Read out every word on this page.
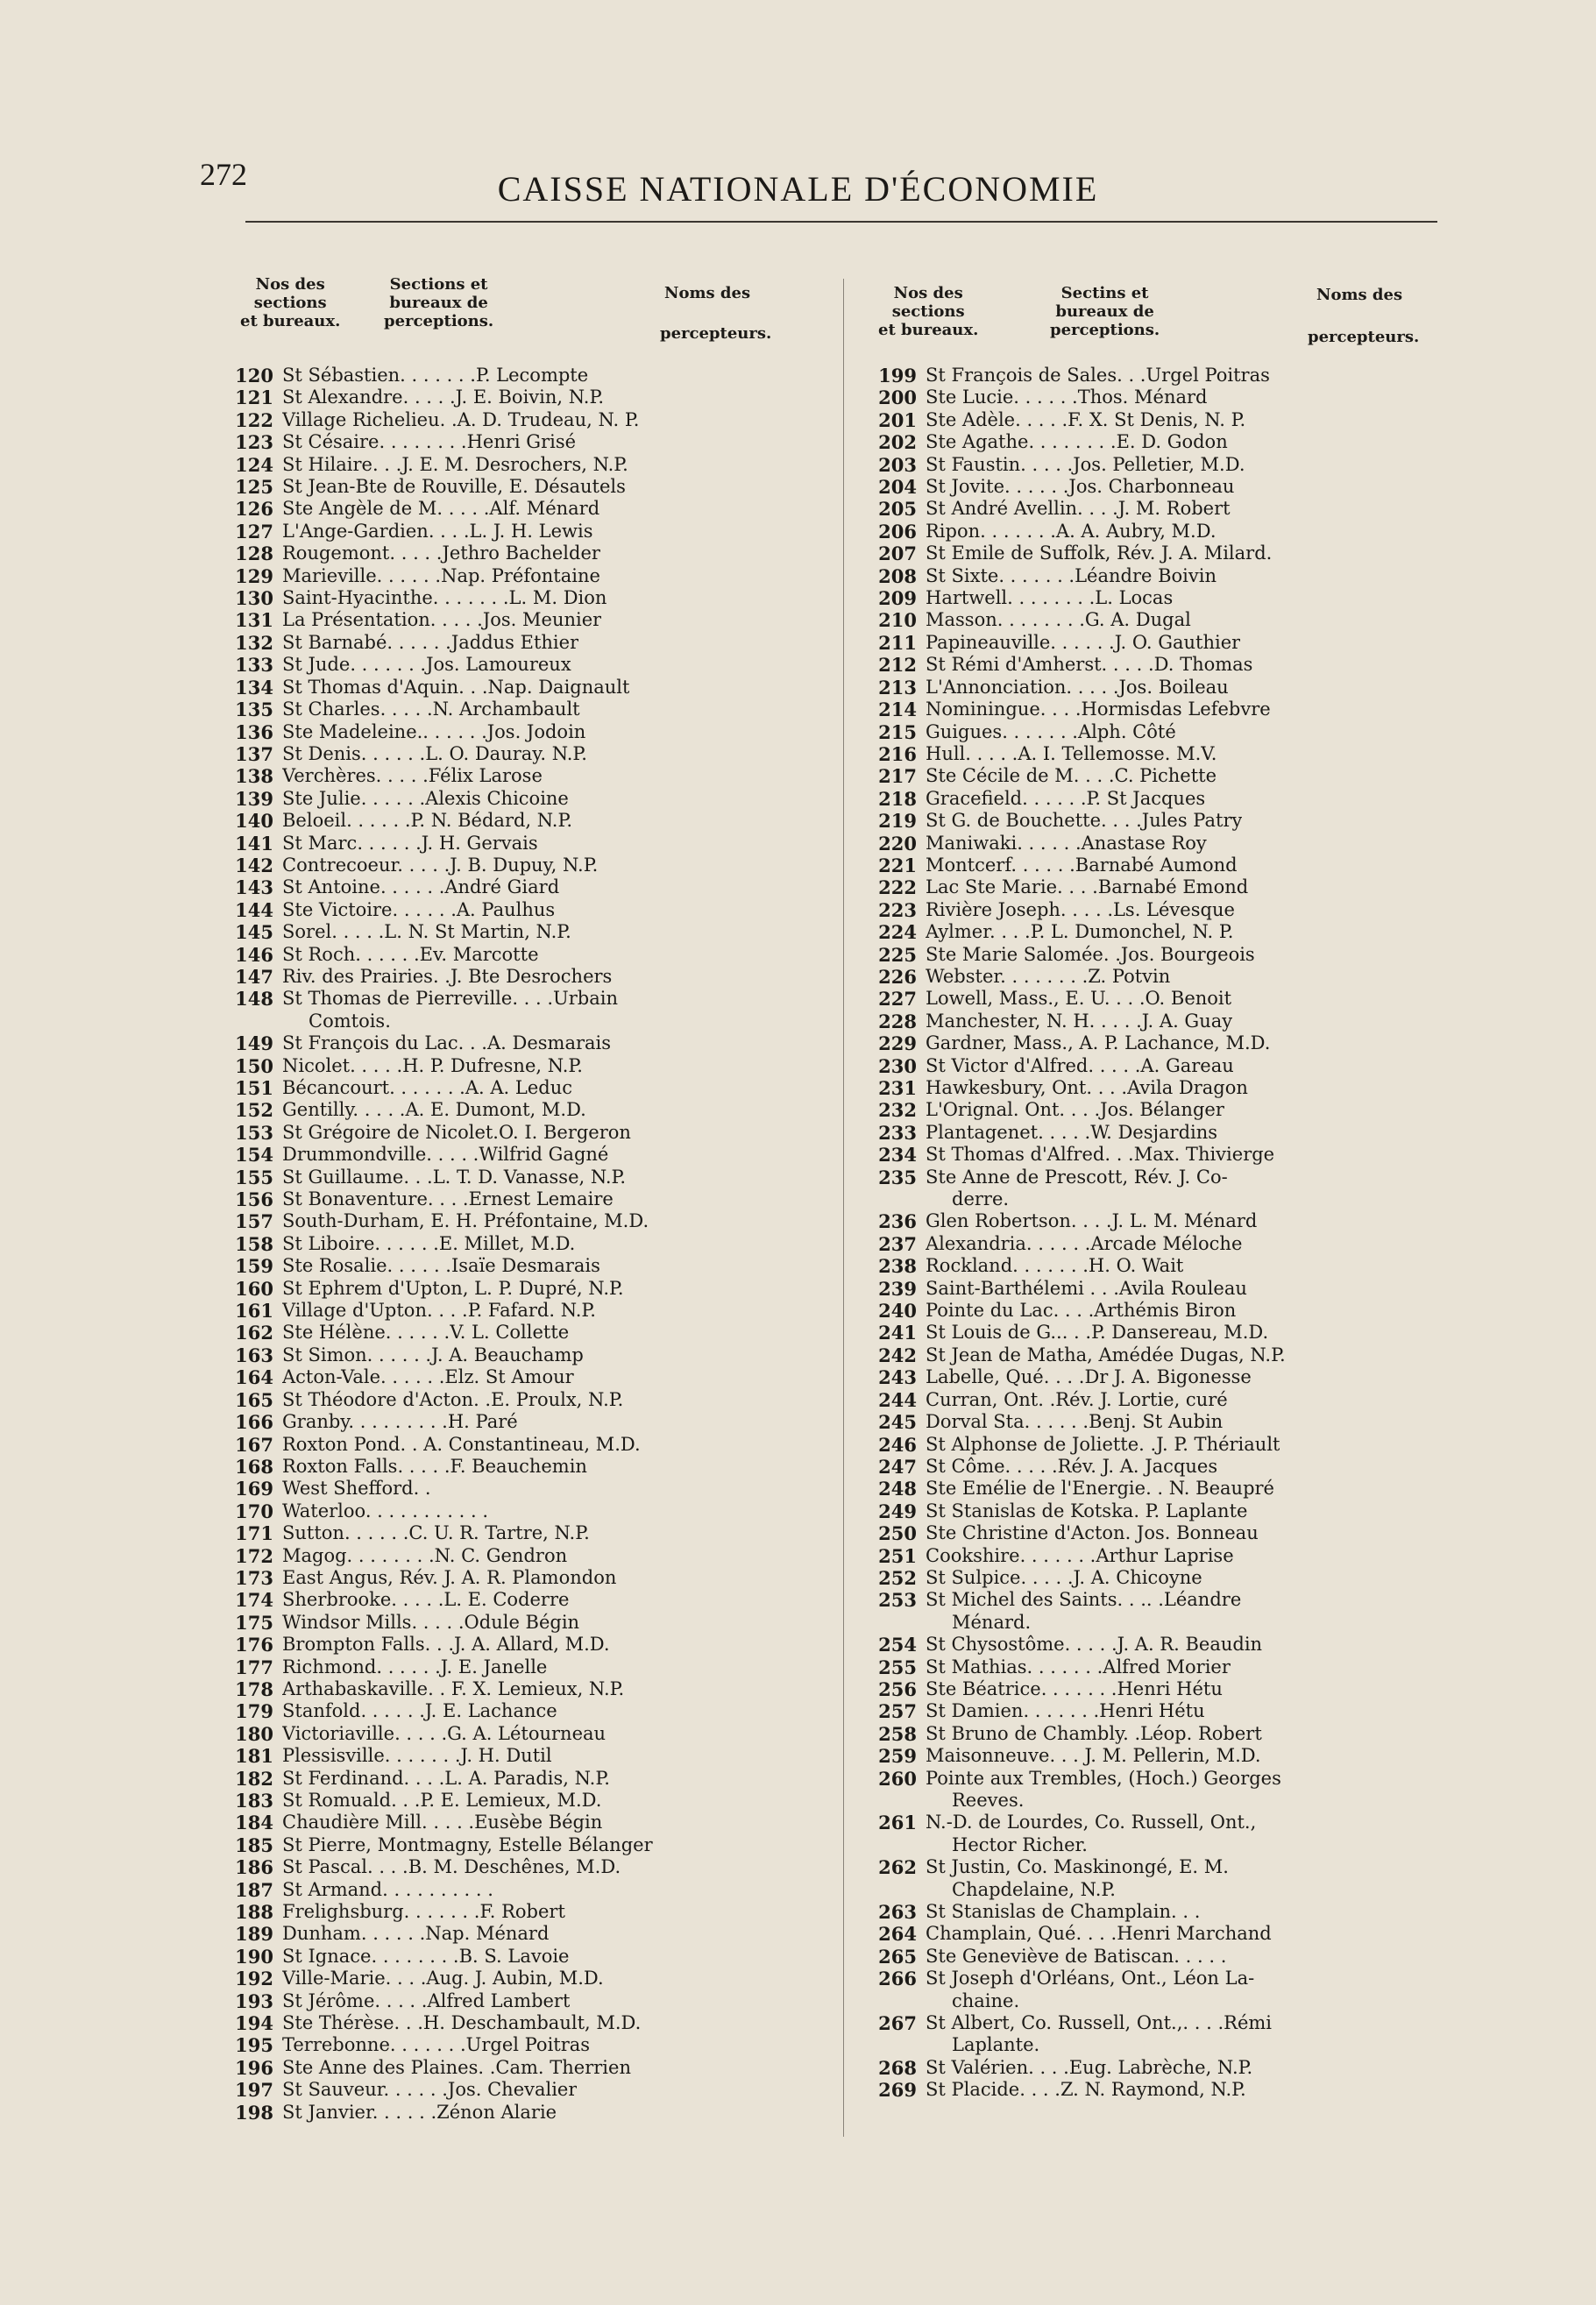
272	CAISSE NATIONALE D'ÉCONOMIE
Nos des
sections
et bureaux.
Sections et
bureaux de
perceptions.
Noms des
percepteurs.
120 St Sébastien. . . . . . .P. Lecompte
121 St Alexandre. . . . .J. E. Boivin, N.P.
122 Village Richelieu. .A. D. Trudeau, N. P.
123 St Césaire. . . . . . . .Henri Grisé
124 St Hilaire. . .J. E. M. Desrochers, N.P.
125 St Jean-Bte de Rouville, E. Désautels
126 Ste Angèle de M. . . . .Alf. Ménard
127 L'Ange-Gardien. . . .L. J. H. Lewis
128 Rougemont. . . . .Jethro Bachelder
129 Marieville. . . . . .Nap. Préfontaine
130 Saint-Hyacinthe. . . . . . .L. M. Dion
131 La Présentation. . . . .Jos. Meunier
132 St Barnabé. . . . . .Jaddus Ethier
133 St Jude. . . . . . .Jos. Lamoureux
134 St Thomas d'Aquin. . .Nap. Daignault
135 St Charles. . . . .N. Archambault
136 Ste Madeleine.. . . . . .Jos. Jodoin
137 St Denis. . . . . .L. O. Dauray. N.P.
138 Verchères. . . . .Félix Larose
139 Ste Julie. . . . . .Alexis Chicoine
140 Beloeil. . . . . .P. N. Bédard, N.P.
141 St Marc. . . . . .J. H. Gervais
142 Contrecoeur. . . . .J. B. Dupuy, N.P.
143 St Antoine. . . . . .André Giard
144 Ste Victoire. . . . . .A. Paulhus
145 Sorel. . . . .L. N. St Martin, N.P.
146 St Roch. . . . . .Ev. Marcotte
147 Riv. des Prairies. .J. Bte Desrochers
148 St Thomas de Pierreville. . . .Urbain
Comtois.
149 St François du Lac. . .A. Desmarais
150 Nicolet. . . . .H. P. Dufresne, N.P.
151 Bécancourt. . . . . . .A. A. Leduc
152 Gentilly. . . . .A. E. Dumont, M.D.
153 St Grégoire de Nicolet.O. I. Bergeron
154 Drummondville. . . . .Wilfrid Gagné
155 St Guillaume. . .L. T. D. Vanasse, N.P.
156 St Bonaventure. . . .Ernest Lemaire
157 South-Durham, E. H. Préfontaine, M.D.
158 St Liboire. . . . . .E. Millet, M.D.
159 Ste Rosalie. . . . . .Isaïe Desmarais
160 St Ephrem d'Upton, L. P. Dupré, N.P.
161 Village d'Upton. . . .P. Fafard. N.P.
162 Ste Hélène. . . . . .V. L. Collette
163 St Simon. . . . . .J. A. Beauchamp
164 Acton-Vale. . . . . .Elz. St Amour
165 St Théodore d'Acton. .E. Proulx, N.P.
166 Granby. . . . . . . . .H. Paré
167 Roxton Pond. . A. Constantineau, M.D.
168 Roxton Falls. . . . .F. Beauchemin
169 West Shefford. .
170 Waterloo. . . . . . . . . . .
171 Sutton. . . . . .C. U. R. Tartre, N.P.
172 Magog. . . . . . . .N. C. Gendron
173 East Angus, Rév. J. A. R. Plamondon
174 Sherbrooke. . . . .L. E. Coderre
175 Windsor Mills. . . . .Odule Bégin
176 Brompton Falls. . .J. A. Allard, M.D.
177 Richmond. . . . . .J. E. Janelle
178 Arthabaskaville. . F. X. Lemieux, N.P.
179 Stanfold. . . . . .J. E. Lachance
180 Victoriaville. . . . .G. A. Létourneau
181 Plessisville. . . . . . .J. H. Dutil
182 St Ferdinand. . . .L. A. Paradis, N.P.
183 St Romuald. . .P. E. Lemieux, M.D.
184 Chaudière Mill. . . . .Eusèbe Bégin
185 St Pierre, Montmagny, Estelle Bélanger
186 St Pascal. . . .B. M. Deschênes, M.D.
187 St Armand. . . . . . . . . .
188 Frelighsburg. . . . . . .F. Robert
189 Dunham. . . . . .Nap. Ménard
190 St Ignace. . . . . . . .B. S. Lavoie
192 Ville-Marie. . . .Aug. J. Aubin, M.D.
193 St Jérôme. . . . .Alfred Lambert
194 Ste Thérèse. . .H. Deschambault, M.D.
195 Terrebonne. . . . . . .Urgel Poitras
196 Ste Anne des Plaines. .Cam. Therrien
197 St Sauveur. . . . . .Jos. Chevalier
198 St Janvier. . . . . .Zénon Alarie
Nos des
sections
et bureaux.
Sectins et
bureaux de
perceptions.
Noms des
percepteurs.
199 St François de Sales. . .Urgel Poitras
200 Ste Lucie. . . . . .Thos. Ménard
201 Ste Adèle. . . . .F. X. St Denis, N. P.
202 Ste Agathe. . . . . . . .E. D. Godon
203 St Faustin. . . . .Jos. Pelletier, M.D.
204 St Jovite. . . . . .Jos. Charbonneau
205 St André Avellin. . . .J. M. Robert
206 Ripon. . . . . . .A. A. Aubry, M.D.
207 St Emile de Suffolk, Rév. J. A. Milard.
208 St Sixte. . . . . . .Léandre Boivin
209 Hartwell. . . . . . . .L. Locas
210 Masson. . . . . . . .G. A. Dugal
211 Papineauville. . . . . .J. O. Gauthier
212 St Rémi d'Amherst. . . . .D. Thomas
213 L'Annonciation. . . . .Jos. Boileau
214 Nominingue. . . .Hormisdas Lefebvre
215 Guigues. . . . . . .Alph. Côté
216 Hull. . . . .A. I. Tellemosse. M.V.
217 Ste Cécile de M. . . .C. Pichette
218 Gracefield. . . . . .P. St Jacques
219 St G. de Bouchette. . . .Jules Patry
220 Maniwaki. . . . . .Anastase Roy
221 Montcerf. . . . . .Barnabé Aumond
222 Lac Ste Marie. . . .Barnabé Emond
223 Rivière Joseph. . . . .Ls. Lévesque
224 Aylmer. . . .P. L. Dumonchel, N. P.
225 Ste Marie Salomée. .Jos. Bourgeois
226 Webster. . . . . . . .Z. Potvin
227 Lowell, Mass., E. U. . . .O. Benoit
228 Manchester, N. H. . . . .J. A. Guay
229 Gardner, Mass., A. P. Lachance, M.D.
230 St Victor d'Alfred. . . . .A. Gareau
231 Hawkesbury, Ont. . . .Avila Dragon
232 L'Orignal. Ont. . . .Jos. Bélanger
233 Plantagenet. . . . .W. Desjardins
234 St Thomas d'Alfred. . .Max. Thivierge
235 Ste Anne de Prescott, Rév. J. Co-
derre.
236 Glen Robertson. . . .J. L. M. Ménard
237 Alexandria. . . . . .Arcade Méloche
238 Rockland. . . . . . .H. O. Wait
239 Saint-Barthélemi . . .Avila Rouleau
240 Pointe du Lac. . . .Arthémis Biron
241 St Louis de G... . .P. Dansereau, M.D.
242 St Jean de Matha, Amédée Dugas, N.P.
243 Labelle, Qué. . . .Dr J. A. Bigonesse
244 Curran, Ont. .Rév. J. Lortie, curé
245 Dorval Sta. . . . . .Benj. St Aubin
246 St Alphonse de Joliette. .J. P. Thériault
247 St Côme. . . . .Rév. J. A. Jacques
248 Ste Emélie de l'Energie. . N. Beaupré
249 St Stanislas de Kotska. P. Laplante
250 Ste Christine d'Acton. Jos. Bonneau
251 Cookshire. . . . . . .Arthur Laprise
252 St Sulpice. . . . .J. A. Chicoyne
253 St Michel des Saints. . .. .Léandre
Ménard.
254 St Chysostôme. . . . .J. A. R. Beaudin
255 St Mathias. . . . . . .Alfred Morier
256 Ste Béatrice. . . . . . .Henri Hétu
257 St Damien. . . . . . .Henri Hétu
258 St Bruno de Chambly. .Léop. Robert
259 Maisonneuve. . . J. M. Pellerin, M.D.
260 Pointe aux Trembles, (Hoch.) Georges
Reeves.
261 N.-D. de Lourdes, Co. Russell, Ont.,
Hector Richer.
262 St Justin, Co. Maskinongé, E. M.
Chapdelaine, N.P.
263 St Stanislas de Champlain. . .
264 Champlain, Qué. . . .Henri Marchand
265 Ste Geneviève de Batiscan. . . . .
266 St Joseph d'Orléans, Ont., Léon La-
chaine.
267 St Albert, Co. Russell, Ont.,. . . .Rémi
Laplante.
268 St Valérien. . . .Eug. Labrèche, N.P.
269 St Placide. . . .Z. N. Raymond, N.P.
